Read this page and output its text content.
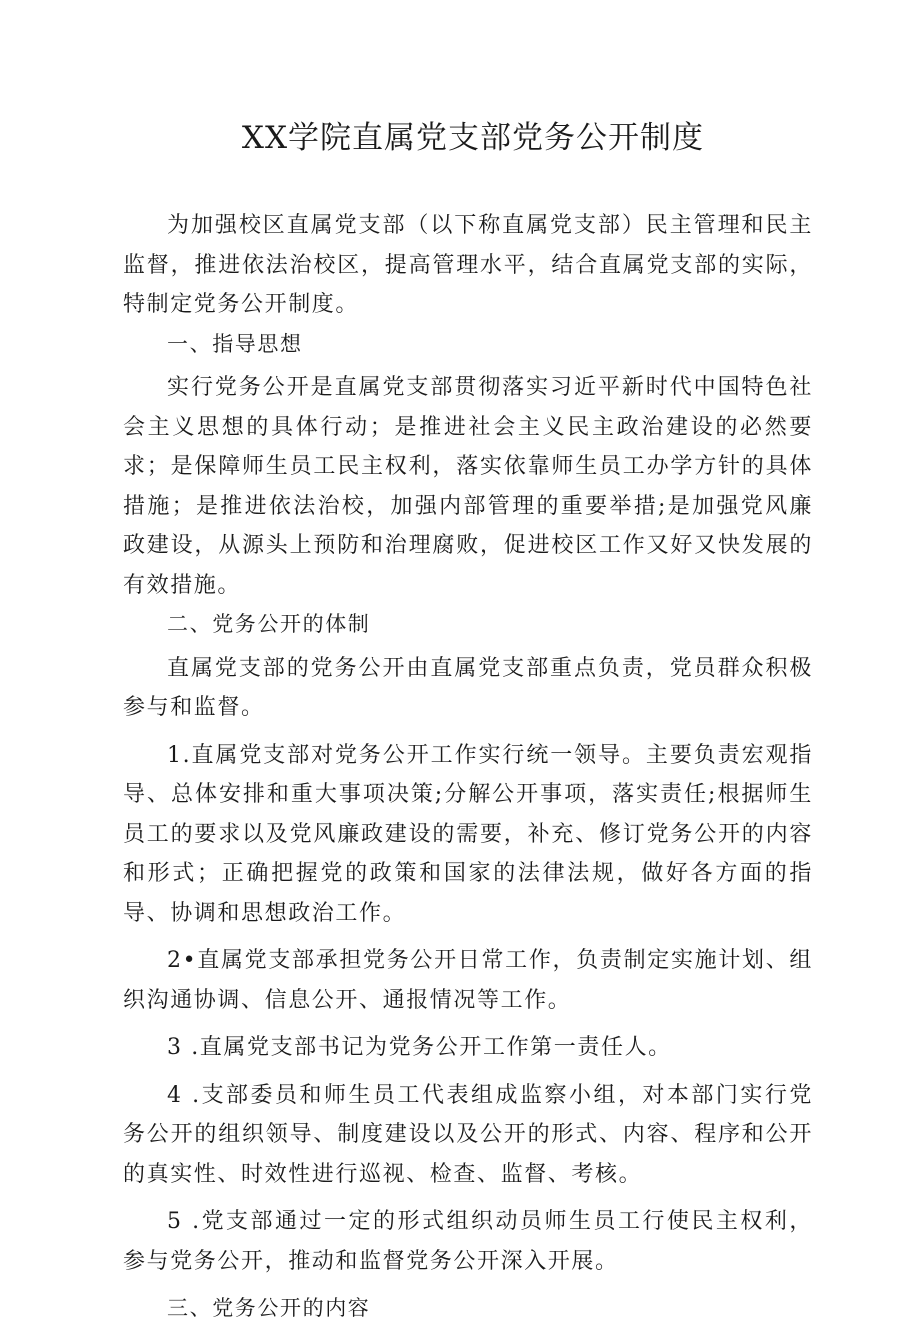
XX学院直属党支部党务公开制度

为加强校区直属党支部（以下称直属党支部）民主管理和民主监督，推进依法治校区，提高管理水平，结合直属党支部的实际，特制定党务公开制度。

一、指导思想

实行党务公开是直属党支部贯彻落实习近平新时代中国特色社会主义思想的具体行动；是推进社会主义民主政治建设的必然要求；是保障师生员工民主权利，落实依靠师生员工办学方针的具体措施；是推进依法治校，加强内部管理的重要举措;是加强党风廉政建设，从源头上预防和治理腐败，促进校区工作又好又快发展的有效措施。

二、党务公开的体制

直属党支部的党务公开由直属党支部重点负责，党员群众积极参与和监督。

1.直属党支部对党务公开工作实行统一领导。主要负责宏观指导、总体安排和重大事项决策;分解公开事项，落实责任;根据师生员工的要求以及党风廉政建设的需要，补充、修订党务公开的内容和形式；正确把握党的政策和国家的法律法规，做好各方面的指导、协调和思想政治工作。

2•直属党支部承担党务公开日常工作，负责制定实施计划、组织沟通协调、信息公开、通报情况等工作。

3 .直属党支部书记为党务公开工作第一责任人。

4 .支部委员和师生员工代表组成监察小组，对本部门实行党务公开的组织领导、制度建设以及公开的形式、内容、程序和公开的真实性、时效性进行巡视、检查、监督、考核。

5 .党支部通过一定的形式组织动员师生员工行使民主权利，参与党务公开，推动和监督党务公开深入开展。

三、党务公开的内容
